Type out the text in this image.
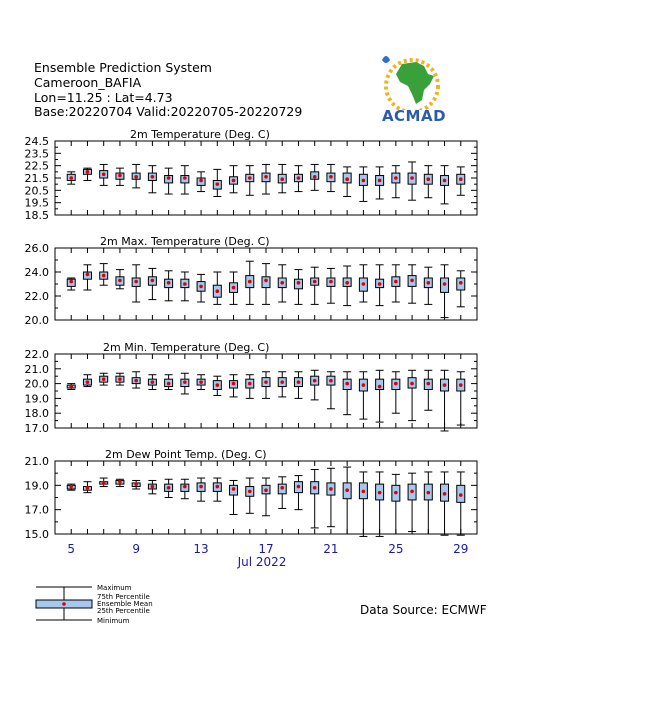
Ensemble Prediction System
Cameroon_BAFIA
Lon=11.25 : Lat=4.73
Base:20220704 Valid:20220705-20220729	ACMAD
24.5
23.5
22.5
21.5
20.5
19.5
18.5
2m Temperature (Deg. C)
26.0
24.0
22.0
20.0
2m Max. Temperature (Deg. C)
22.0
21.0
20.0
19.0
18.0
17.0
2m Min. Temperature (Deg. C)
21.0
19.0
17.0
15.0
2m Dew Point Temp. (Deg. C)
5	9	13	17	21	25	29
Jul 2022
Maximum
75th Percentile
Ensemble Mean
25th Percentile
Minimum
Data Source: ECMWF
